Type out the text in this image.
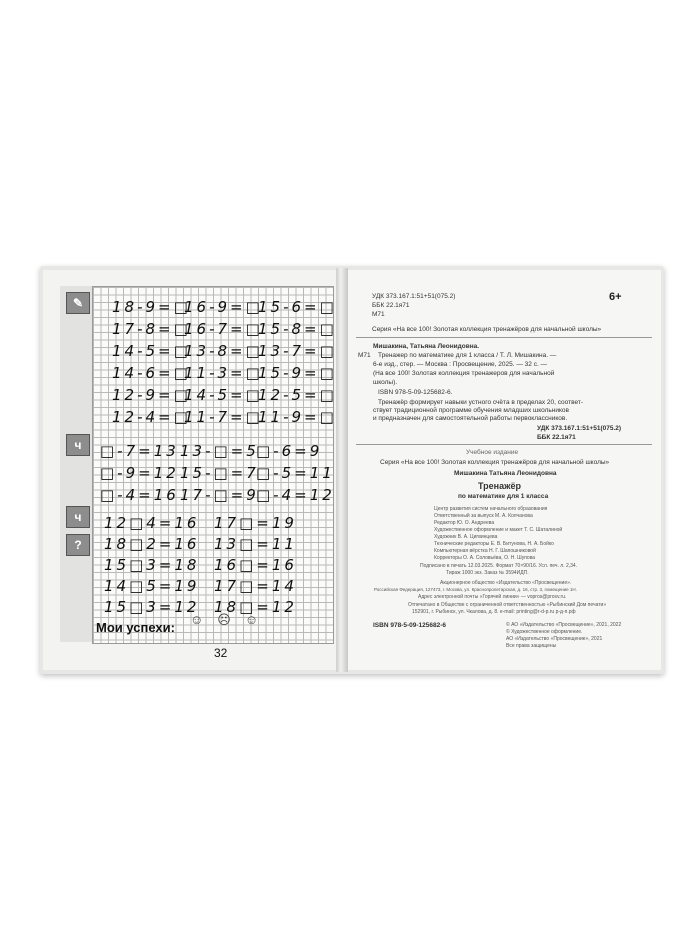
✎
ч
ч
?
18-9=□
16-9=□
15-6=□
17-8=□
16-7=□
15-8=□
14-5=□
13-8=□
13-7=□
14-6=□
11-3=□
15-9=□
12-9=□
14-5=□
12-5=□
12-4=□
11-7=□
11-9=□
□-7=13 13-□=5
□-6=9
□-9=12 15-□=7
□-5=11
□-4=16 17-□=9
□-4=12
12□4=16 17□=19
18□2=16 13□=11
15□3=18 16□=16
14□5=19 17□=14
15□3=12 18□=12
Мои успехи:
☺☹☺
32
УДК 373.167.1:51+51(075.2)
ББК 22.1я71
М71
6+
Серия «На все 100! Золотая коллекция тренажёров для начальной школы»
Мишакина, Татьяна Леонидовна.
М71 Тренажер по математике для 1 класса / Т. Л. Мишакина. —
6-е изд., стер. — Москва : Просвещение, 2025. — 32 с. —
(На все 100! Золотая коллекция тренажеров для начальной
школы).
ISBN 978-5-09-125682-6.
Тренажёр формирует навыки устного счёта в пределах 20, соответ-
ствует традиционной программе обучения младших школьников
и предназначен для самостоятельной работы первоклассников.
УДК 373.167.1:51+51(075.2)
ББК 22.1я71
Учебное издание
Серия «На все 100! Золотая коллекция тренажёров для начальной школы»
Мишакина Татьяна Леонидовна
Тренажёр
по математике для 1 класса
Центр развития систем начального образования
Ответственный за выпуск М. А. Колчанова
Редактор Ю. О. Андреева
Художественное оформление и макет Т. С. Шаталиной
Художник В. А. Цигвинцева
Технические редакторы Е. В. Битунова, Н. А. Бойко
Компьютерная вёрстка Н. Г. Шапошниковой
Корректоры О. А. Соловьёва, О. Н. Шупова
Подписано в печать 12.03.2025. Формат 70×90/16. Усл. печ. л. 2,34.
Тираж 1000 экз. Заказ № 3594ИДП.
Акционерное общество «Издательство «Просвещение».
Российская Федерация, 127473, г. Москва, ул. Краснопролетарская, д. 16, стр. 3, помещение 1Н.
Адрес электронной почты «Горячей линии» — vopros@prosv.ru.
Отпечатано в Обществе с ограниченной ответственностью «Рыбинский Дом печати»
152901, г. Рыбинск, ул. Чкалова, д. 8. e-mail: printing@r-d-p.ru р-д-п.рф
ISBN 978-5-09-125682-6	© АО «Издательство «Просвещение», 2021, 2022
© Художественное оформление.
АО «Издательство «Просвещение», 2021
Все права защищены
